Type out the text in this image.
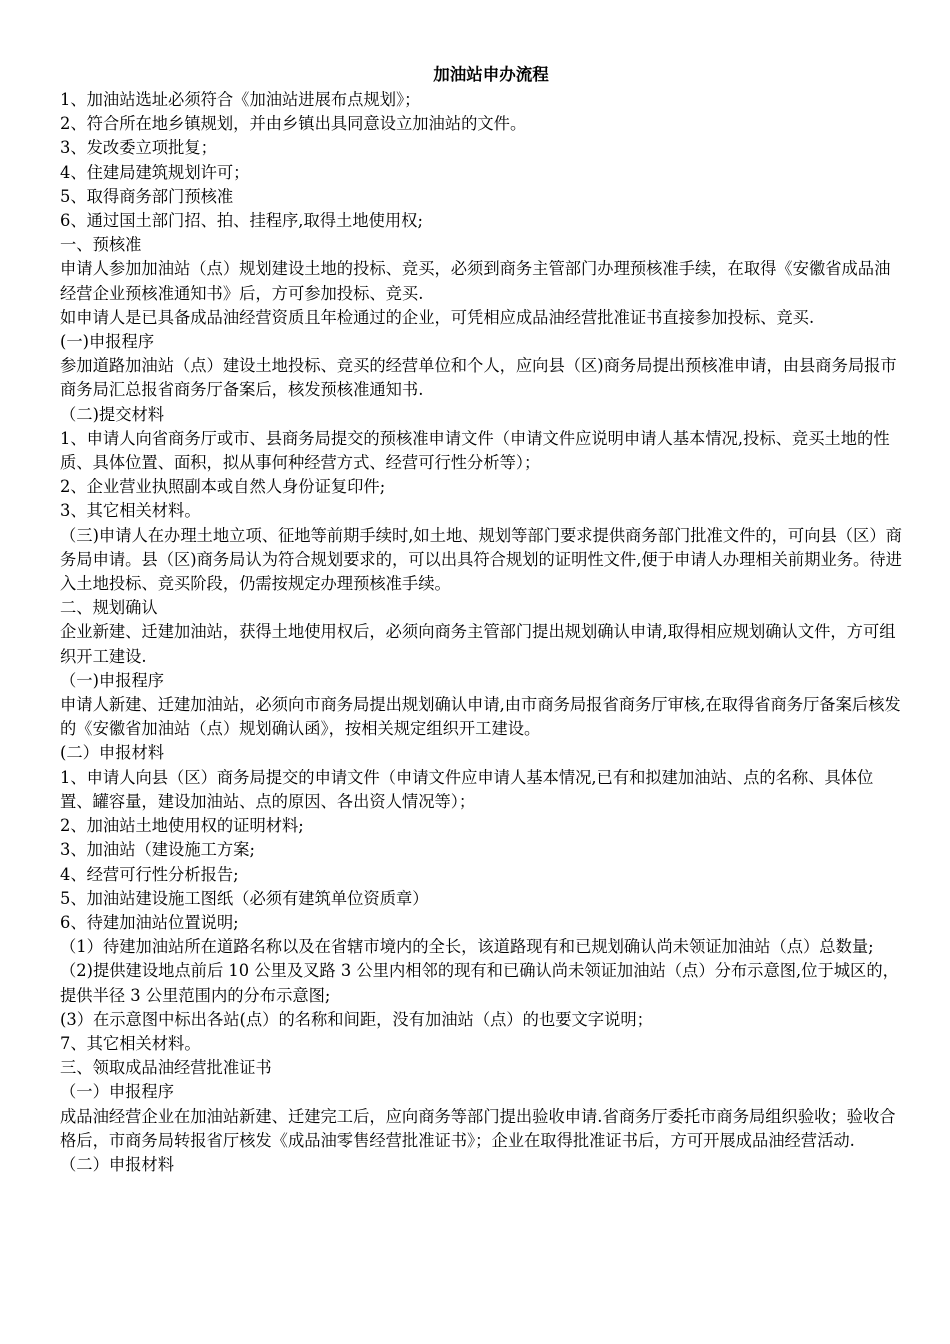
加油站申办流程

1、加油站选址必须符合《加油站进展布点规划》；

2、符合所在地乡镇规划，并由乡镇出具同意设立加油站的文件。

3、发改委立项批复；

4、住建局建筑规划许可；

5、取得商务部门预核准

6、通过国土部门招、拍、挂程序,取得土地使用权;

一、预核准

申请人参加加油站（点）规划建设土地的投标、竞买，必须到商务主管部门办理预核准手续，在取得《安徽省成品油经营企业预核准通知书》后，方可参加投标、竞买.

如申请人是已具备成品油经营资质且年检通过的企业，可凭相应成品油经营批准证书直接参加投标、竞买.

(一)申报程序

参加道路加油站（点）建设土地投标、竞买的经营单位和个人，应向县（区)商务局提出预核准申请，由县商务局报市商务局汇总报省商务厅备案后，核发预核准通知书.

（二)提交材料

1、申请人向省商务厅或市、县商务局提交的预核准申请文件（申请文件应说明申请人基本情况,投标、竞买土地的性质、具体位置、面积，拟从事何种经营方式、经营可行性分析等）；

2、企业营业执照副本或自然人身份证复印件;

3、其它相关材料。

（三)申请人在办理土地立项、征地等前期手续时,如土地、规划等部门要求提供商务部门批准文件的，可向县（区）商务局申请。县（区)商务局认为符合规划要求的，可以出具符合规划的证明性文件,便于申请人办理相关前期业务。待进入土地投标、竞买阶段，仍需按规定办理预核准手续。

二、规划确认

企业新建、迁建加油站，获得土地使用权后，必须向商务主管部门提出规划确认申请,取得相应规划确认文件，方可组织开工建设.

（一)申报程序

申请人新建、迁建加油站，必须向市商务局提出规划确认申请,由市商务局报省商务厅审核,在取得省商务厅备案后核发的《安徽省加油站（点）规划确认函》，按相关规定组织开工建设。

(二）申报材料

1、申请人向县（区）商务局提交的申请文件（申请文件应申请人基本情况,已有和拟建加油站、点的名称、具体位置、罐容量，建设加油站、点的原因、各出资人情况等）；

2、加油站土地使用权的证明材料;

3、加油站（建设施工方案;

4、经营可行性分析报告;

5、加油站建设施工图纸（必须有建筑单位资质章）

6、待建加油站位置说明;

（1）待建加油站所在道路名称以及在省辖市境内的全长，该道路现有和已规划确认尚未领证加油站（点）总数量;

（2)提供建设地点前后 10 公里及叉路 3 公里内相邻的现有和已确认尚未领证加油站（点）分布示意图,位于城区的，提供半径 3 公里范围内的分布示意图;

(3）在示意图中标出各站(点）的名称和间距，没有加油站（点）的也要文字说明；

7、其它相关材料。

三、领取成品油经营批准证书

（一）申报程序

成品油经营企业在加油站新建、迁建完工后，应向商务等部门提出验收申请.省商务厅委托市商务局组织验收；验收合格后，市商务局转报省厅核发《成品油零售经营批准证书》；企业在取得批准证书后，方可开展成品油经营活动.

（二）申报材料
